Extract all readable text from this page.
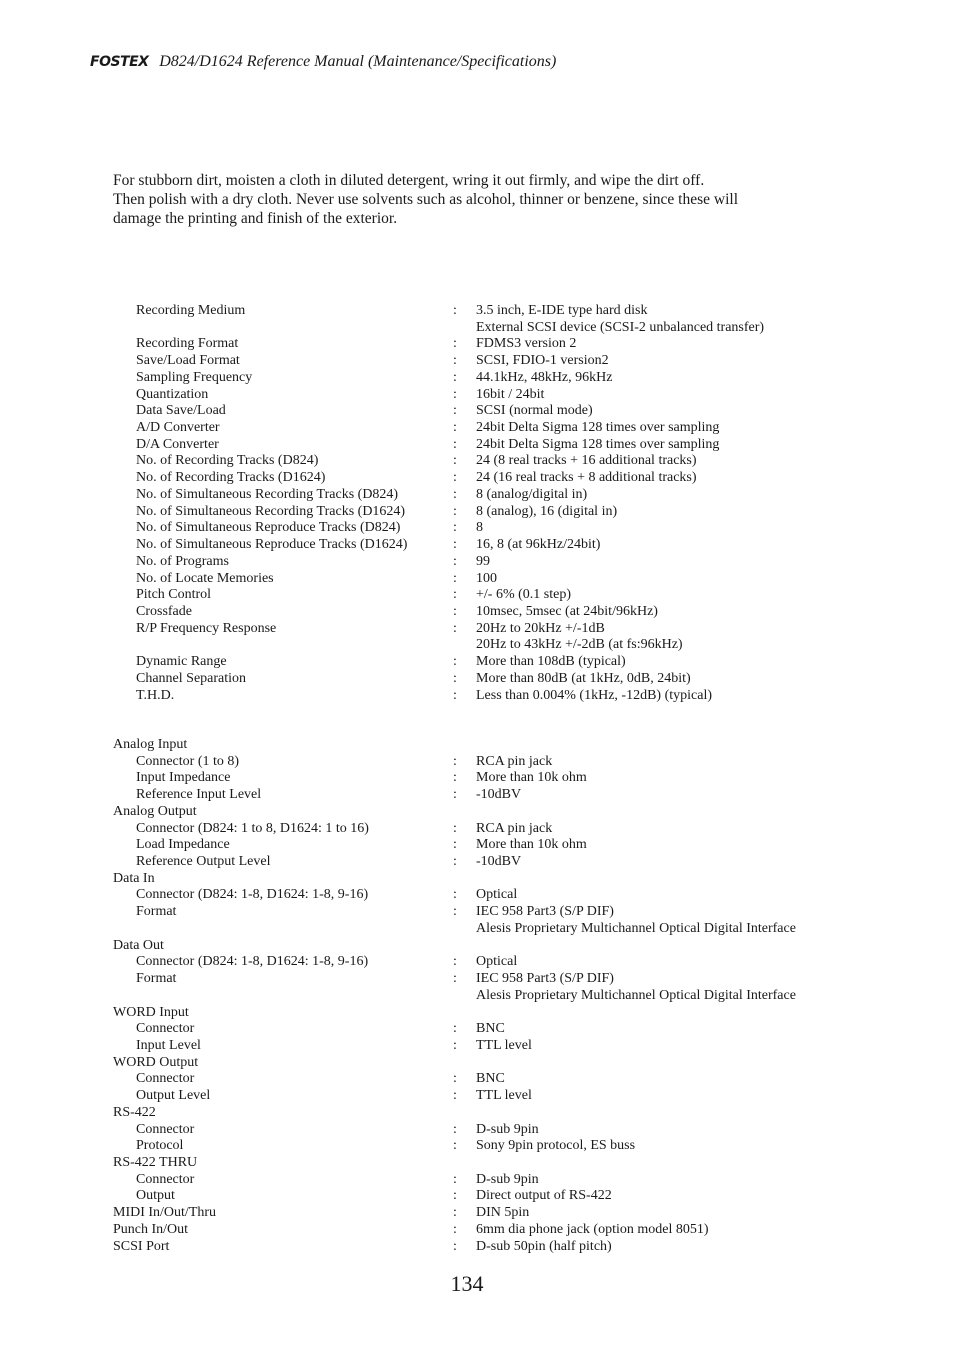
FOSTEX D824/D1624 Reference Manual (Maintenance/Specifications)

For stubborn dirt, moisten a cloth in diluted detergent, wring it out firmly, and wipe the dirt off.

Then polish with a dry cloth. Never use solvents such as alcohol, thinner or benzene, since these will

damage the printing and finish of the exterior.

Recording Medium	: 3.5 inch, E-IDE type hard disk
External SCSI device (SCSI-2 unbalanced transfer)
Recording Format	: FDMS3 version 2
Save/Load Format	: SCSI, FDIO-1 version2
Sampling Frequency	: 44.1kHz, 48kHz, 96kHz
Quantization	: 16bit / 24bit
Data Save/Load	: SCSI (normal mode)
A/D Converter	: 24bit Delta Sigma 128 times over sampling
D/A Converter	: 24bit Delta Sigma 128 times over sampling
No. of Recording Tracks (D824)	: 24 (8 real tracks + 16 additional tracks)
No. of Recording Tracks (D1624)	: 24 (16 real tracks + 8 additional tracks)
No. of Simultaneous Recording Tracks (D824)	: 8 (analog/digital in)
No. of Simultaneous Recording Tracks (D1624)	: 8 (analog), 16 (digital in)
No. of Simultaneous Reproduce Tracks (D824)	: 8
No. of Simultaneous Reproduce Tracks (D1624)	: 16, 8 (at 96kHz/24bit)
No. of Programs	: 99
No. of Locate Memories	: 100
Pitch Control	: +/- 6% (0.1 step)
Crossfade	: 10msec, 5msec (at 24bit/96kHz)
R/P Frequency Response	: 20Hz to 20kHz +/-1dB
20Hz to 43kHz +/-2dB (at fs:96kHz)
Dynamic Range	: More than 108dB (typical)
Channel Separation	: More than 80dB (at 1kHz, 0dB, 24bit)
T.H.D.	: Less than 0.004% (1kHz, -12dB) (typical)
Analog Input
Connector (1 to 8)	: RCA pin jack
Input Impedance	: More than 10k ohm
Reference Input Level	: -10dBV
Analog Output
Connector (D824: 1 to 8, D1624: 1 to 16)	: RCA pin jack
Load Impedance	: More than 10k ohm
Reference Output Level	: -10dBV
Data In
Connector (D824: 1-8, D1624: 1-8, 9-16)	: Optical
Format	: IEC 958 Part3 (S/P DIF)
Alesis Proprietary Multichannel Optical Digital Interface
Data Out
Connector (D824: 1-8, D1624: 1-8, 9-16)	: Optical
Format	: IEC 958 Part3 (S/P DIF)
Alesis Proprietary Multichannel Optical Digital Interface
WORD Input
Connector	: BNC
Input Level	: TTL level
WORD Output
Connector	: BNC
Output Level	: TTL level
RS-422
Connector	: D-sub 9pin
Protocol	: Sony 9pin protocol, ES buss
RS-422 THRU
Connector	: D-sub 9pin
Output	: Direct output of RS-422
MIDI In/Out/Thru	: DIN 5pin
Punch In/Out	: 6mm dia phone jack (option model 8051)
SCSI Port	: D-sub 50pin (half pitch)
134
